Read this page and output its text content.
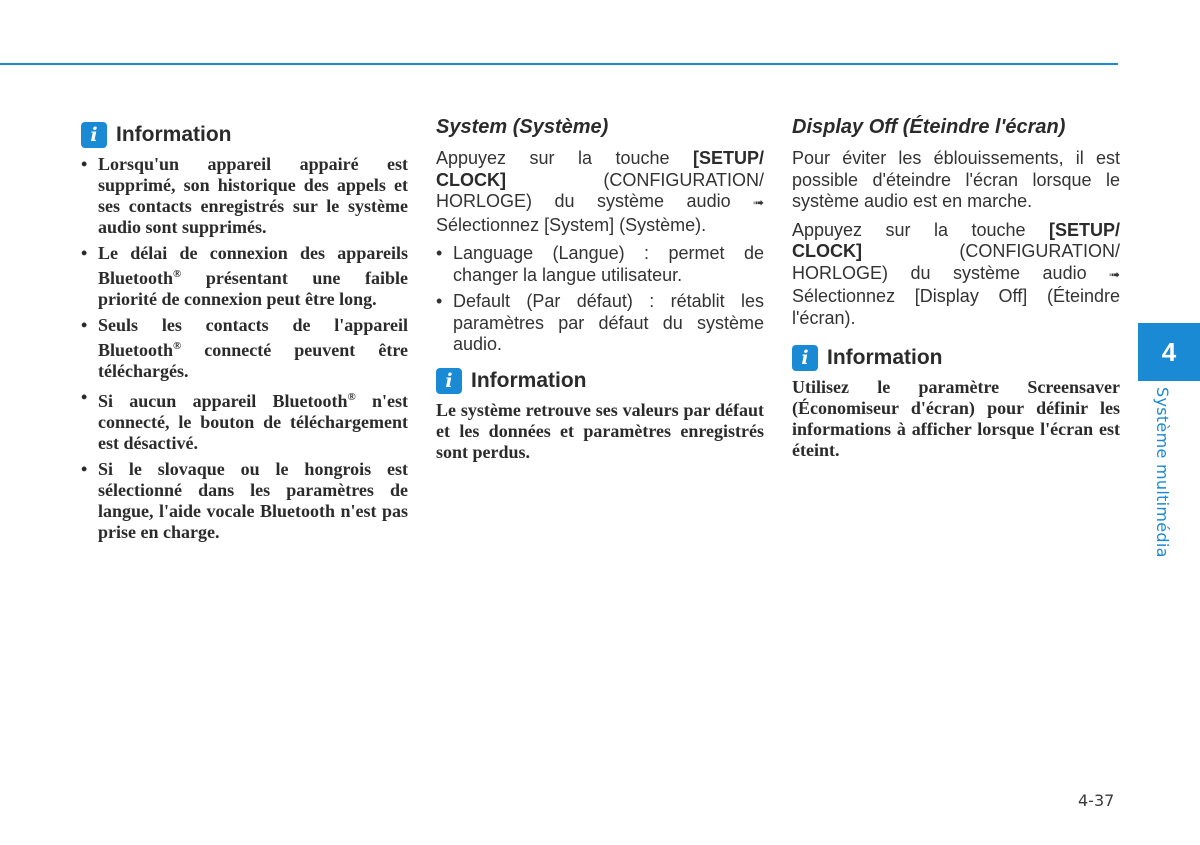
i Information
• Lorsqu'un appareil appairé est supprimé, son historique des appels et ses contacts enregistrés sur le système audio sont supprimés.
• Le délai de connexion des appareils Bluetooth® présentant une faible priorité de connexion peut être long.
• Seuls les contacts de l'appareil Bluetooth® connecté peuvent être téléchargés.
• Si aucun appareil Bluetooth® n'est connecté, le bouton de téléchargement est désactivé.
• Si le slovaque ou le hongrois est sélectionné dans les paramètres de langue, l'aide vocale Bluetooth n'est pas prise en charge.
System (Système)

Appuyez sur la touche [SETUP/ CLOCK] (CONFIGURATION/ HORLOGE) du système audio ➟ Sélectionnez [System] (Système).

• Language (Langue) : permet de changer la langue utilisateur.
• Default (Par défaut) : rétablit les paramètres par défaut du système audio.
i Information

Le système retrouve ses valeurs par défaut et les données et paramètres enregistrés sont perdus.

Display Off (Éteindre l'écran)

Pour éviter les éblouissements, il est possible d'éteindre l'écran lorsque le système audio est en marche.

Appuyez sur la touche [SETUP/ CLOCK] (CONFIGURATION/ HORLOGE) du système audio ➟ Sélectionnez [Display Off] (Éteindre l'écran).

i Information

Utilisez le paramètre Screensaver (Économiseur d'écran) pour définir les informations à afficher lorsque l'écran est éteint.

4
Système multimédia
4-37
